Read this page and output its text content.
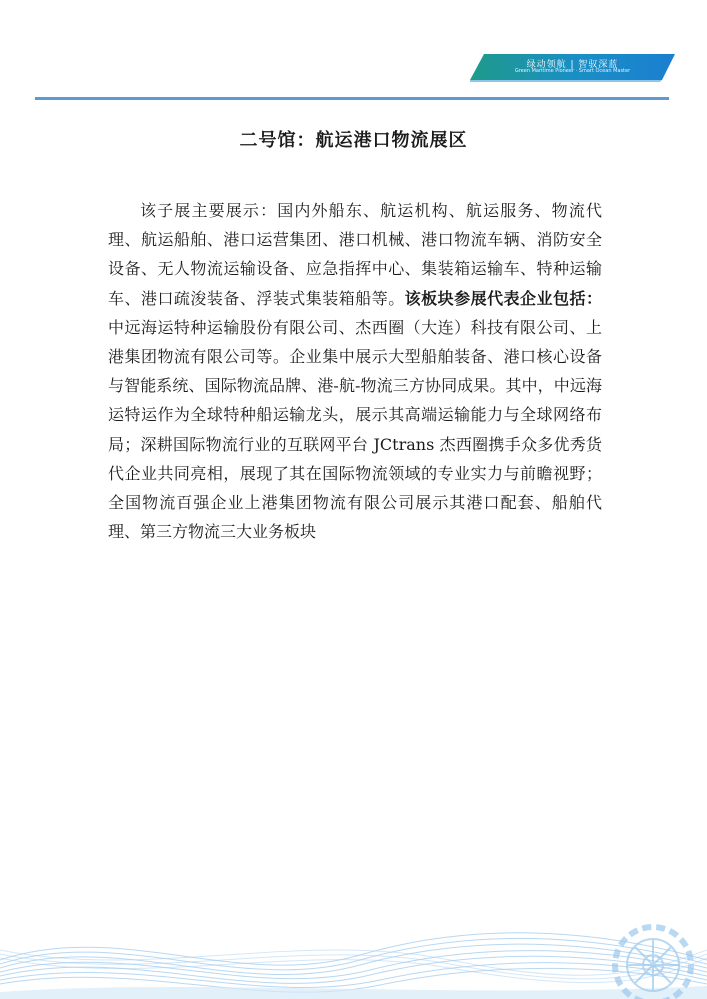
绿动领航 | 智驭深蓝
Green Maritime Pioneer · Smart Ocean Master
二号馆：航运港口物流展区

该子展主要展示：国内外船东、航运机构、航运服务、物流代理、航运船舶、港口运营集团、港口机械、港口物流车辆、消防安全设备、无人物流运输设备、应急指挥中心、集装箱运输车、特种运输车、港口疏浚装备、浮装式集装箱船等。该板块参展代表企业包括：中远海运特种运输股份有限公司、杰西圈（大连）科技有限公司、上港集团物流有限公司等。企业集中展示大型船舶装备、港口核心设备与智能系统、国际物流品牌、港-航-物流三方协同成果。其中，中远海运特运作为全球特种船运输龙头，展示其高端运输能力与全球网络布局；深耕国际物流行业的互联网平台 JCtrans 杰西圈携手众多优秀货代企业共同亮相，展现了其在国际物流领域的专业实力与前瞻视野；全国物流百强企业上港集团物流有限公司展示其港口配套、船舶代理、第三方物流三大业务板块
